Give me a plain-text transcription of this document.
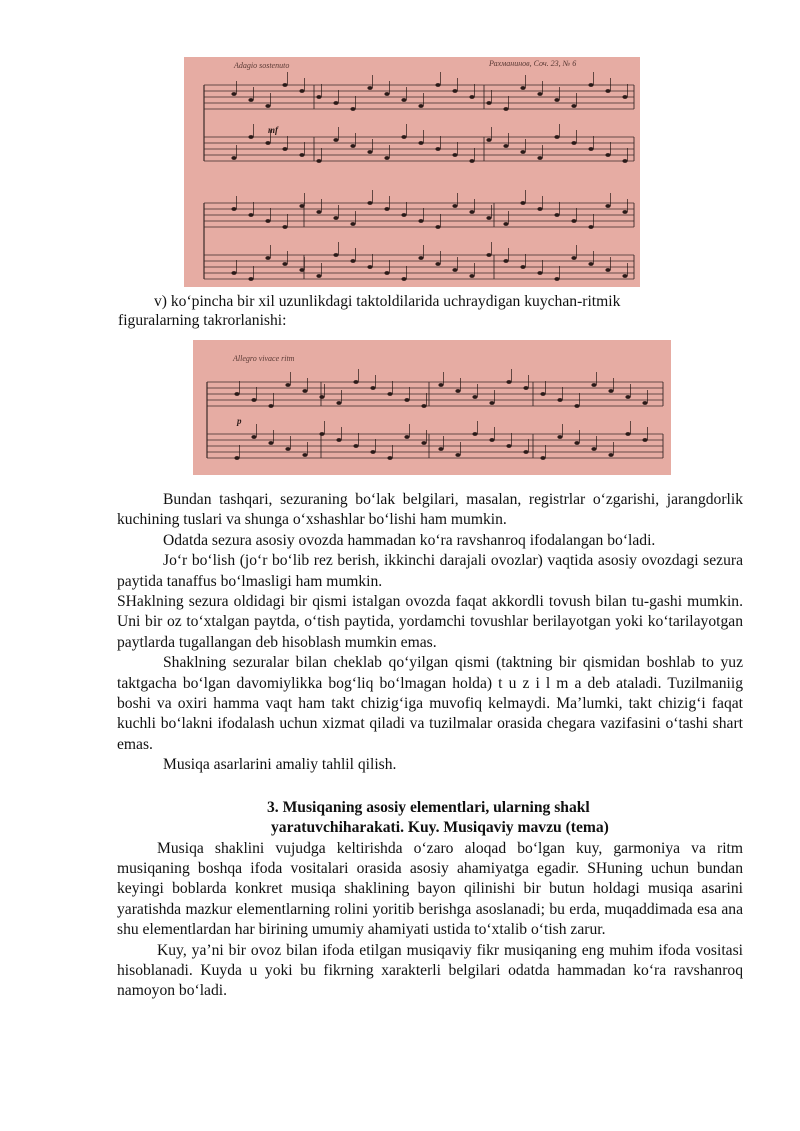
Adagio sostenuto	Рахманинов, Соч. 23, № 6
mf
v) koʻpincha bir xil uzunlikdagi taktoldilarida uchraydigan kuychan-ritmik
figuralarning takrorlanishi:
Allegro vivace ritm
p

Bundan tashqari, sezuraning boʻlak belgilari, masalan, registrlar oʻzgarishi, jarangdorlik kuchining tuslari va shunga oʻxshashlar boʻlishi ham mumkin.

Odatda sezura asosiy ovozda hammadan koʻra ravshanroq ifodalangan boʻladi.

Joʻr boʻlish (joʻr boʻlib rez berish, ikkinchi darajali ovozlar) vaqtida asosiy ovozdagi sezura paytida tanaffus boʻlmasligi ham mumkin.

SHaklning sezura oldidagi bir qismi istalgan ovozda faqat akkordli tovush bilan tu-gashi mumkin. Uni bir oz toʻxtalgan paytda, oʻtish paytida, yordamchi tovushlar berilayotgan yoki koʻtarilayotgan paytlarda tugallangan deb hisoblash mumkin emas.

Shaklning sezuralar bilan cheklab qoʻyilgan qismi (taktning bir qismidan boshlab to yuz taktgacha boʻlgan davomiylikka bogʻliq boʻlmagan holda) t u z i l m a deb ataladi. Tuzilmaniig boshi va oxiri hamma vaqt ham takt chizigʻiga muvofiq kelmaydi. Maʼlumki, takt chizigʻi faqat kuchli boʻlakni ifodalash uchun xizmat qiladi va tuzilmalar orasida chegara vazifasini oʻtashi shart emas.

Musiqa asarlarini amaliy tahlil qilish.

3. Musiqaning asosiy elementlari, ularning shakl
yaratuvchiharakati. Kuy. Musiqaviy mavzu (tema)

Musiqa shaklini vujudga keltirishda oʻzaro aloqad boʻlgan kuy, garmoniya va ritm musiqaning boshqa ifoda vositalari orasida asosiy ahamiyatga egadir. SHuning uchun bundan keyingi boblarda konkret musiqa shaklining bayon qilinishi bir butun holdagi musiqa asarini yaratishda mazkur elementlarning rolini yoritib berishga asoslanadi; bu erda, muqaddimada esa ana shu elementlardan har birining umumiy ahamiyati ustida toʻxtalib oʻtish zarur.

Kuy, yaʼni bir ovoz bilan ifoda etilgan musiqaviy fikr musiqaning eng muhim ifoda vositasi hisoblanadi. Kuyda u yoki bu fikrning xarakterli belgilari odatda hammadan koʻra ravshanroq namoyon boʻladi.
